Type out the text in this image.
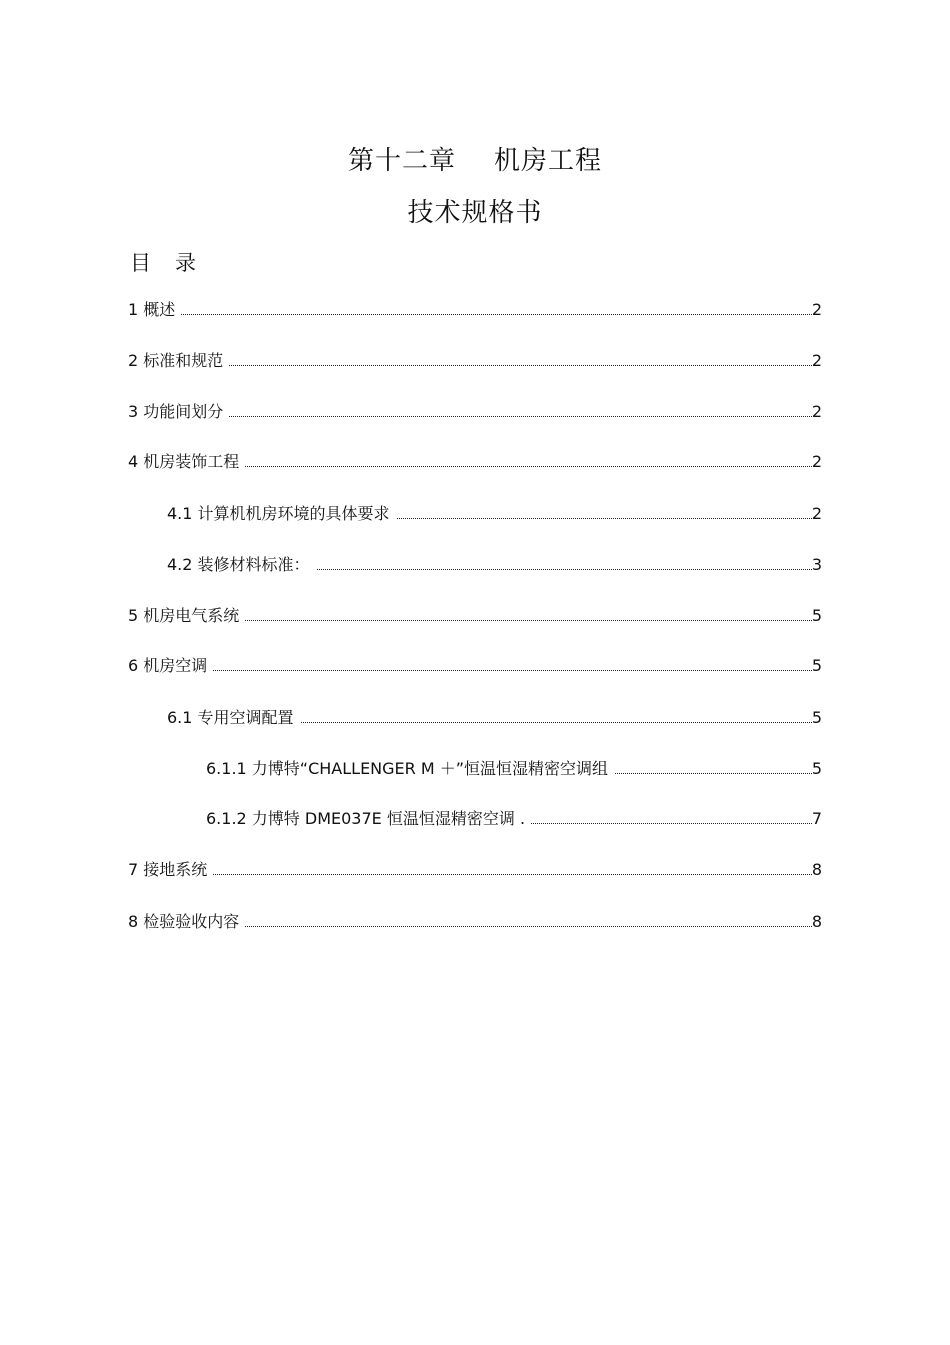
第十二章 机房工程
技术规格书
目 录
1 概述	2
2 标准和规范	2
3 功能间划分	2
4 机房装饰工程	2
4.1 计算机机房环境的具体要求	2
4.2 装修材料标准：	3
5 机房电气系统	5
6 机房空调	5
6.1 专用空调配置	5
6.1.1 力博特“CHALLENGER M ＋”恒温恒湿精密空调组	5
6.1.2 力博特 DME037E 恒温恒湿精密空调 .	7
7 接地系统	8
8 检验验收内容	8
